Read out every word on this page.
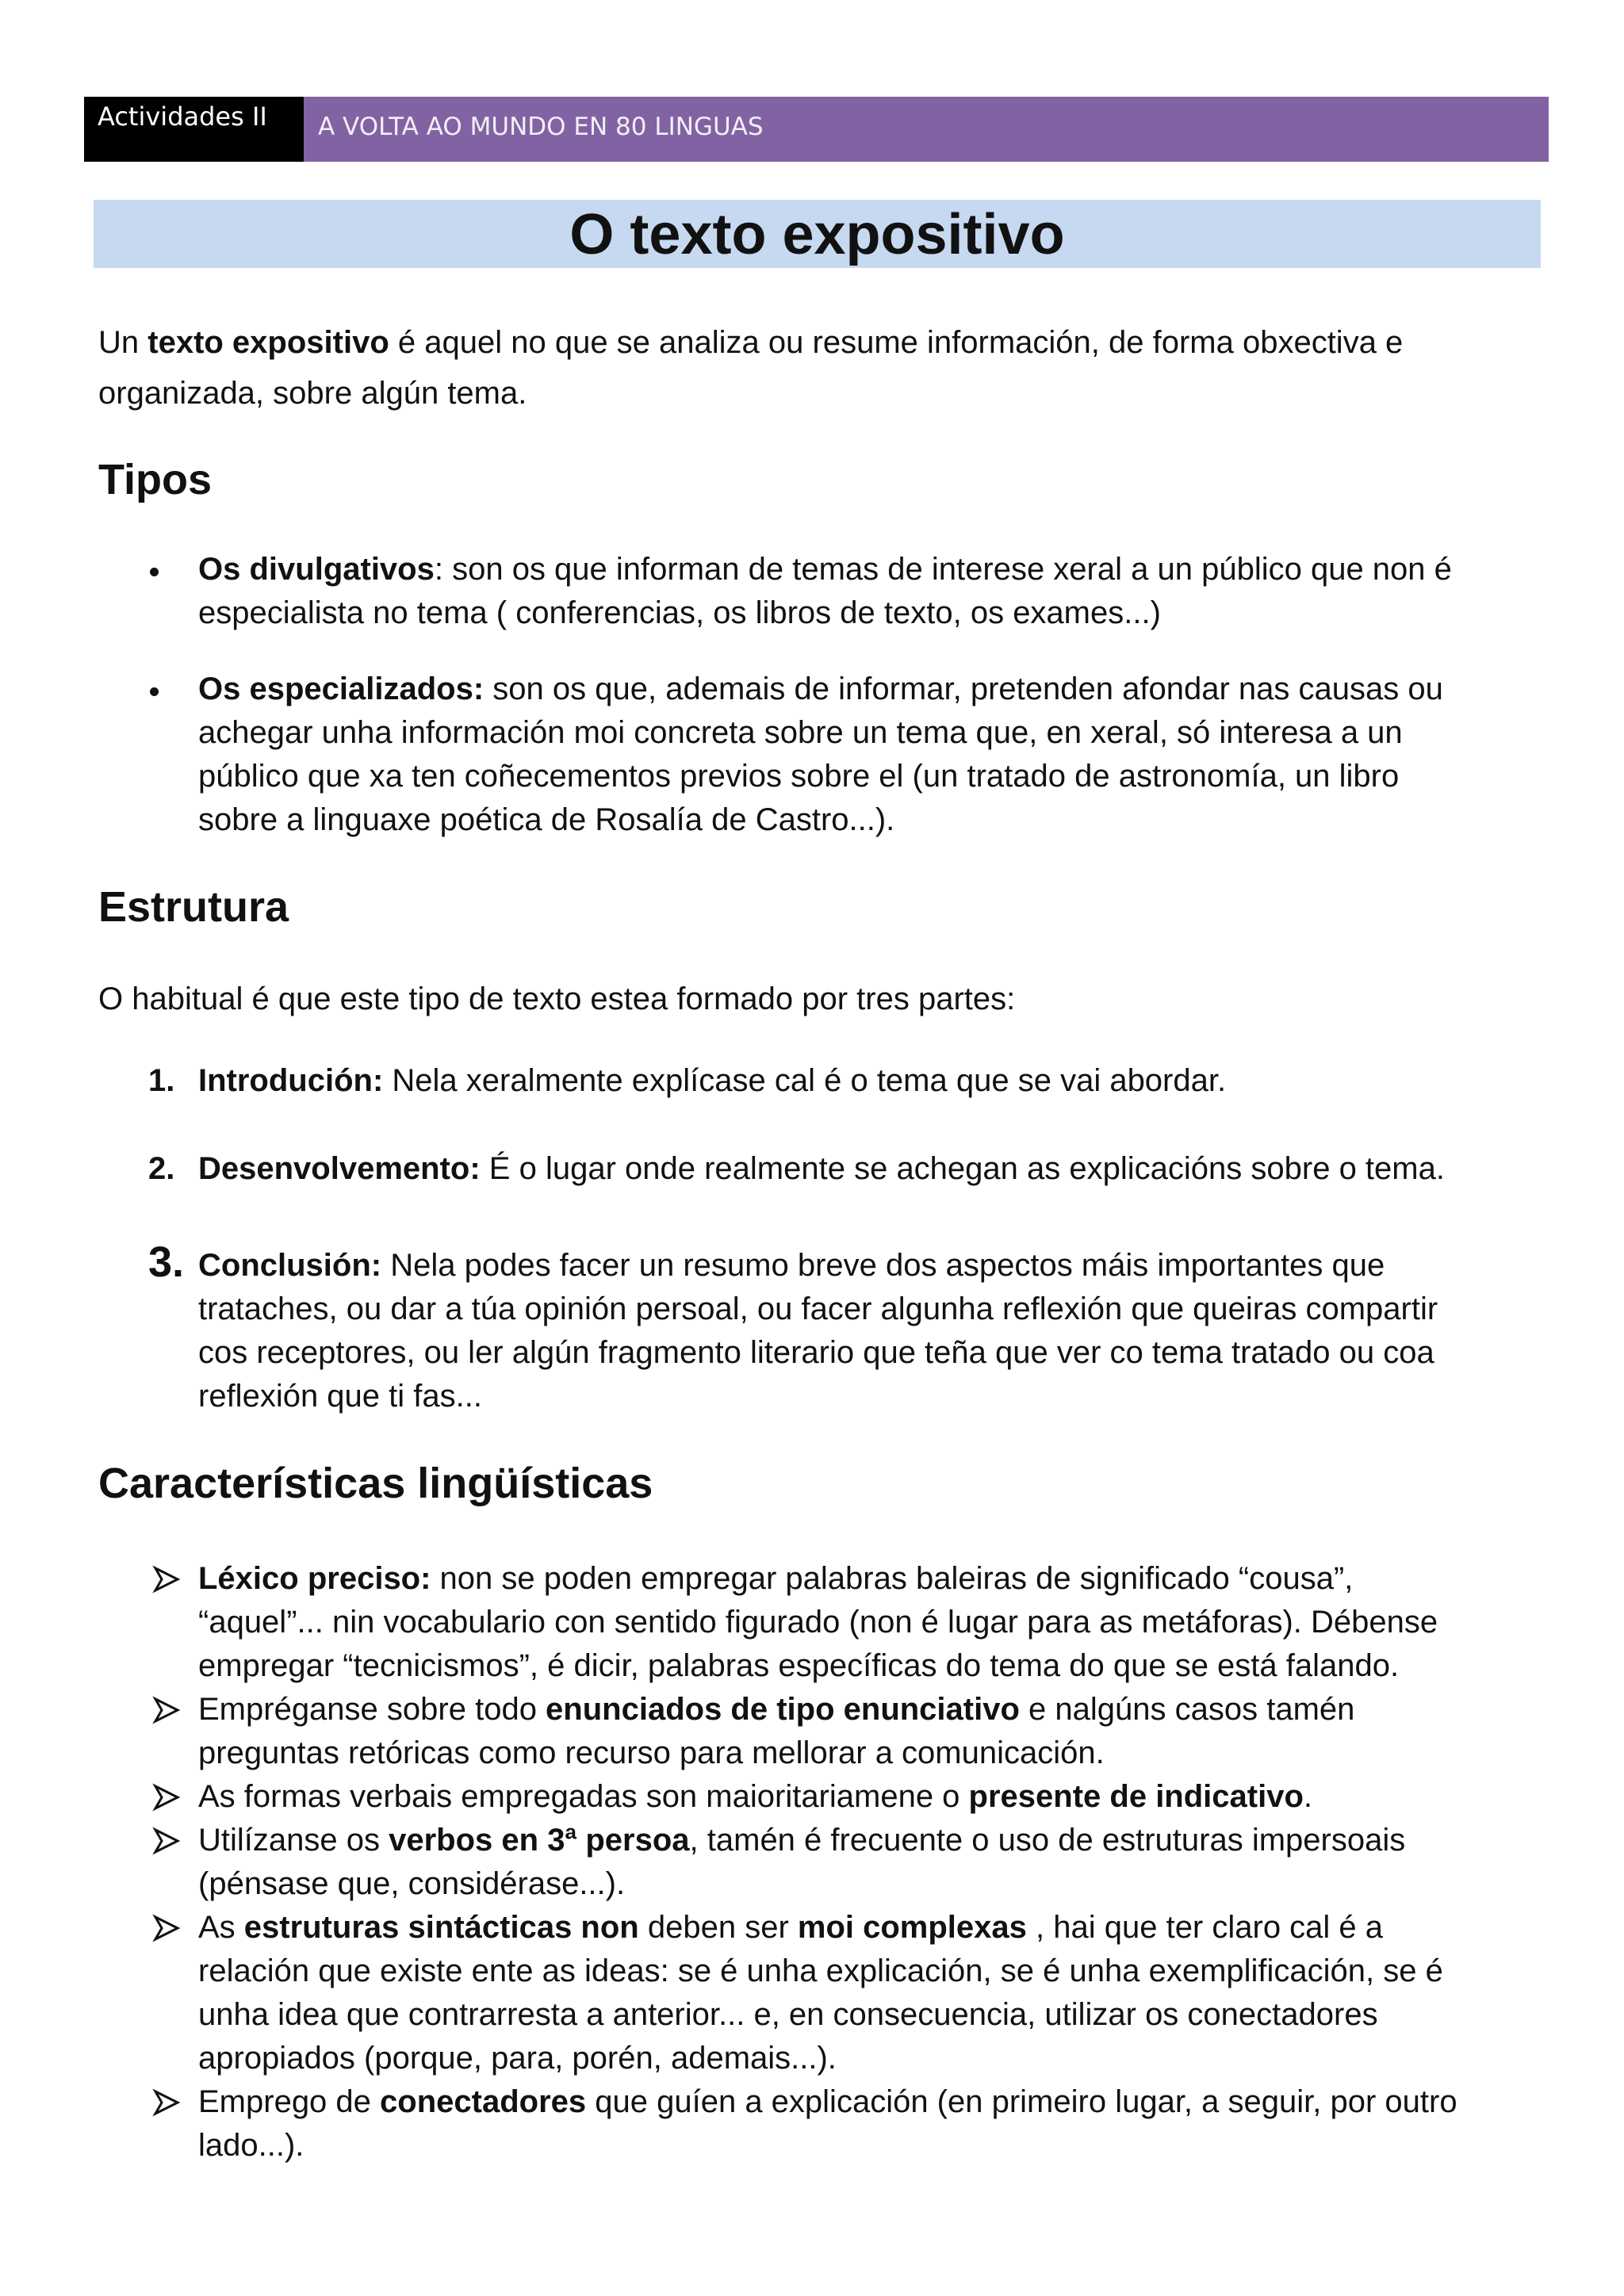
Actividades II A VOLTA AO MUNDO EN 80 LINGUAS
O texto expositivo
Un texto expositivo é aquel no que se analiza ou resume información, de forma obxectiva e
organizada, sobre algún tema.
Tipos
Os divulgativos: son os que informan de temas de interese xeral a un público que non é
especialista no tema ( conferencias, os libros de texto, os exames...)
Os especializados: son os que, ademais de informar, pretenden afondar nas causas ou
achegar unha información moi concreta sobre un tema que, en xeral, só interesa a un
público que xa ten coñecementos previos sobre el (un tratado de astronomía, un libro
sobre a linguaxe poética de Rosalía de Castro...).
Estrutura
O habitual é que este tipo de texto estea formado por tres partes:
1. Introdución: Nela xeralmente explícase cal é o tema que se vai abordar.
2. Desenvolvemento: É o lugar onde realmente se achegan as explicacións sobre o tema.
3. Conclusión: Nela podes facer un resumo breve dos aspectos máis importantes que
trataches, ou dar a túa opinión persoal, ou facer algunha reflexión que queiras compartir
cos receptores, ou ler algún fragmento literario que teña que ver co tema tratado ou coa
reflexión que ti fas...
Características lingüísticas
Léxico preciso: non se poden empregar palabras baleiras de significado “cousa”,
“aquel”... nin vocabulario con sentido figurado (non é lugar para as metáforas). Débense
empregar “tecnicismos”, é dicir, palabras específicas do tema do que se está falando.
Empréganse sobre todo enunciados de tipo enunciativo e nalgúns casos tamén
preguntas retóricas como recurso para mellorar a comunicación.
As formas verbais empregadas son maioritariamene o presente de indicativo.
Utilízanse os verbos en 3ª persoa, tamén é frecuente o uso de estruturas impersoais
(pénsase que, considérase...).
As estruturas sintácticas non deben ser moi complexas , hai que ter claro cal é a
relación que existe ente as ideas: se é unha explicación, se é unha exemplificación, se é
unha idea que contrarresta a anterior... e, en consecuencia, utilizar os conectadores
apropiados (porque, para, porén, ademais...).
Emprego de conectadores que guíen a explicación (en primeiro lugar, a seguir, por outro
lado...).
